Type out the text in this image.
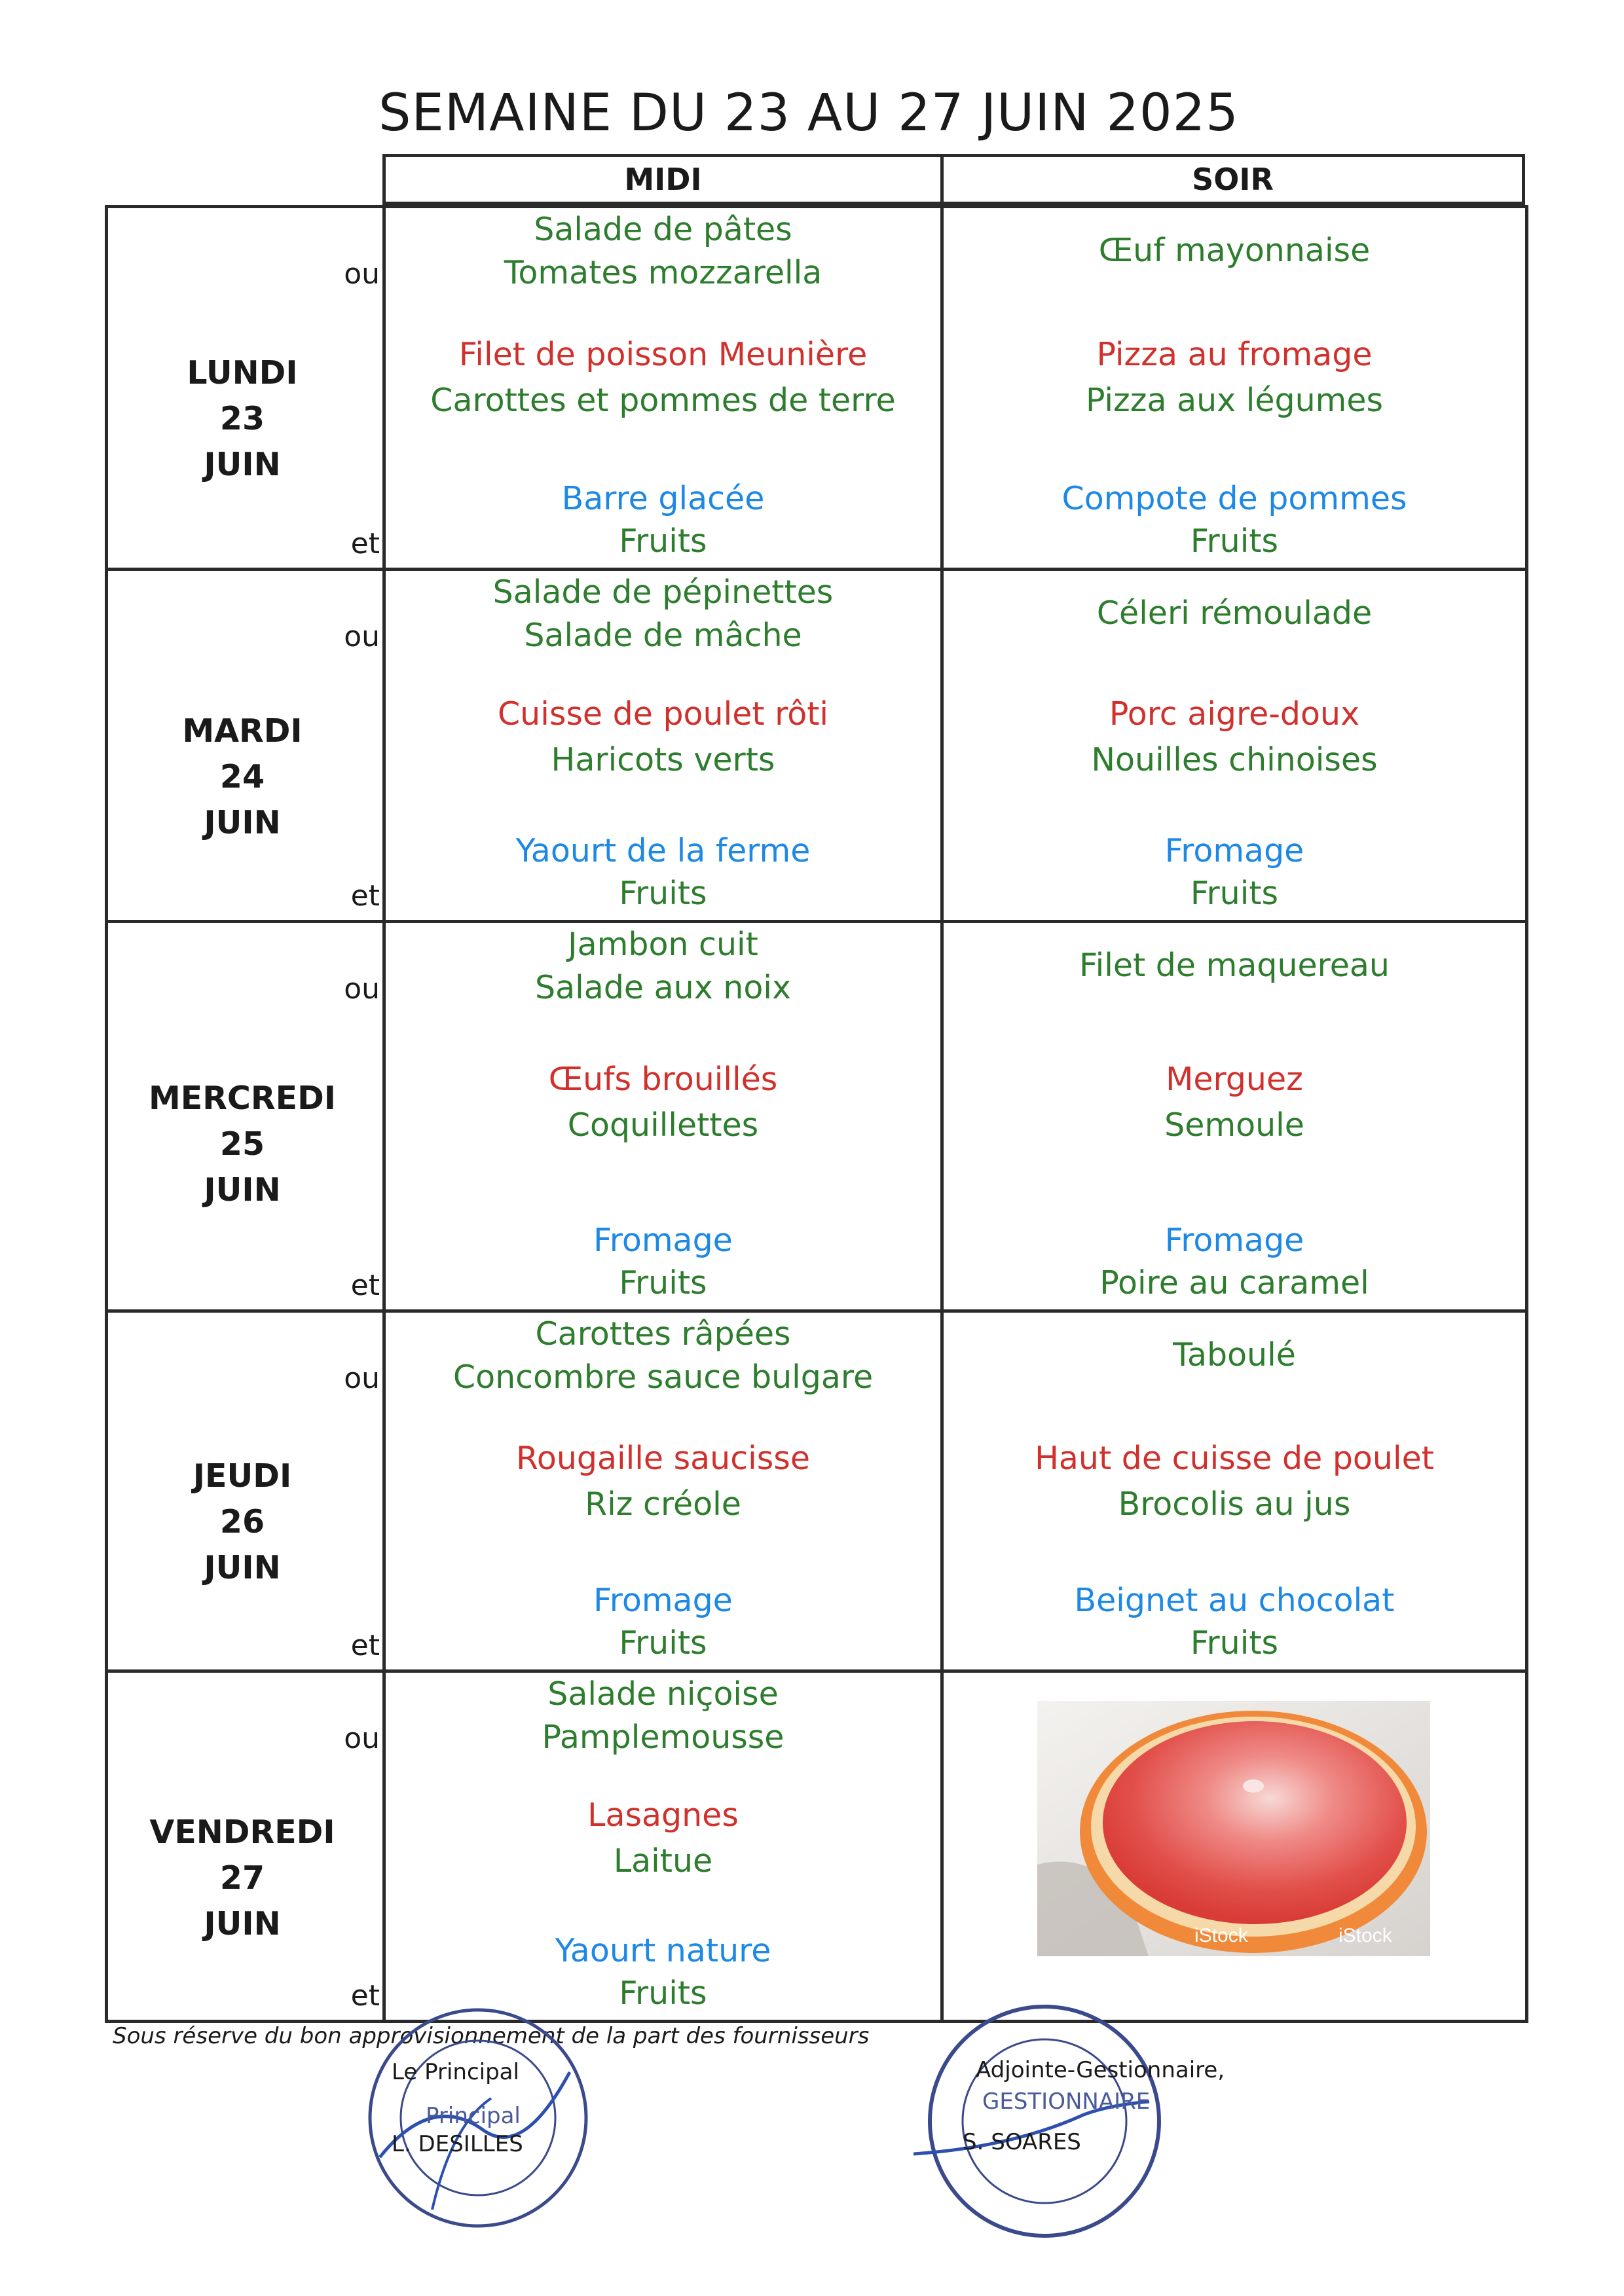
SEMAINE DU 23 AU 27 JUIN 2025
MIDI	SOIR
LUNDI
23
JUIN
ou
et
Salade de pâtes
Tomates mozzarella
Filet de poisson Meunière
Carottes et pommes de terre
Barre glacée
Fruits
Œuf mayonnaise
Pizza au fromage
Pizza aux légumes
Compote de pommes
Fruits
MARDI
24
JUIN
ou
et
Salade de pépinettes
Salade de mâche
Cuisse de poulet rôti
Haricots verts
Yaourt de la ferme
Fruits
Céleri rémoulade
Porc aigre-doux
Nouilles chinoises
Fromage
Fruits
MERCREDI
25
JUIN
ou
et
Jambon cuit
Salade aux noix
Œufs brouillés
Coquillettes
Fromage
Fruits
Filet de maquereau
Merguez
Semoule
Fromage
Poire au caramel
JEUDI
26
JUIN
ou
et
Carottes râpées
Concombre sauce bulgare
Rougaille saucisse
Riz créole
Fromage
Fruits
Taboulé
Haut de cuisse de poulet
Brocolis au jus
Beignet au chocolat
Fruits
VENDREDI
27
JUIN
ou
et
Salade niçoise
Pamplemousse
Lasagnes
Laitue
Yaourt nature
Fruits
iStock	iStock
Sous réserve du bon approvisionnement de la part des fournisseurs
Le Principal
Principal
L. DESILLES
Adjointe-Gestionnaire,
GESTIONNAIRE
S. SOARES
